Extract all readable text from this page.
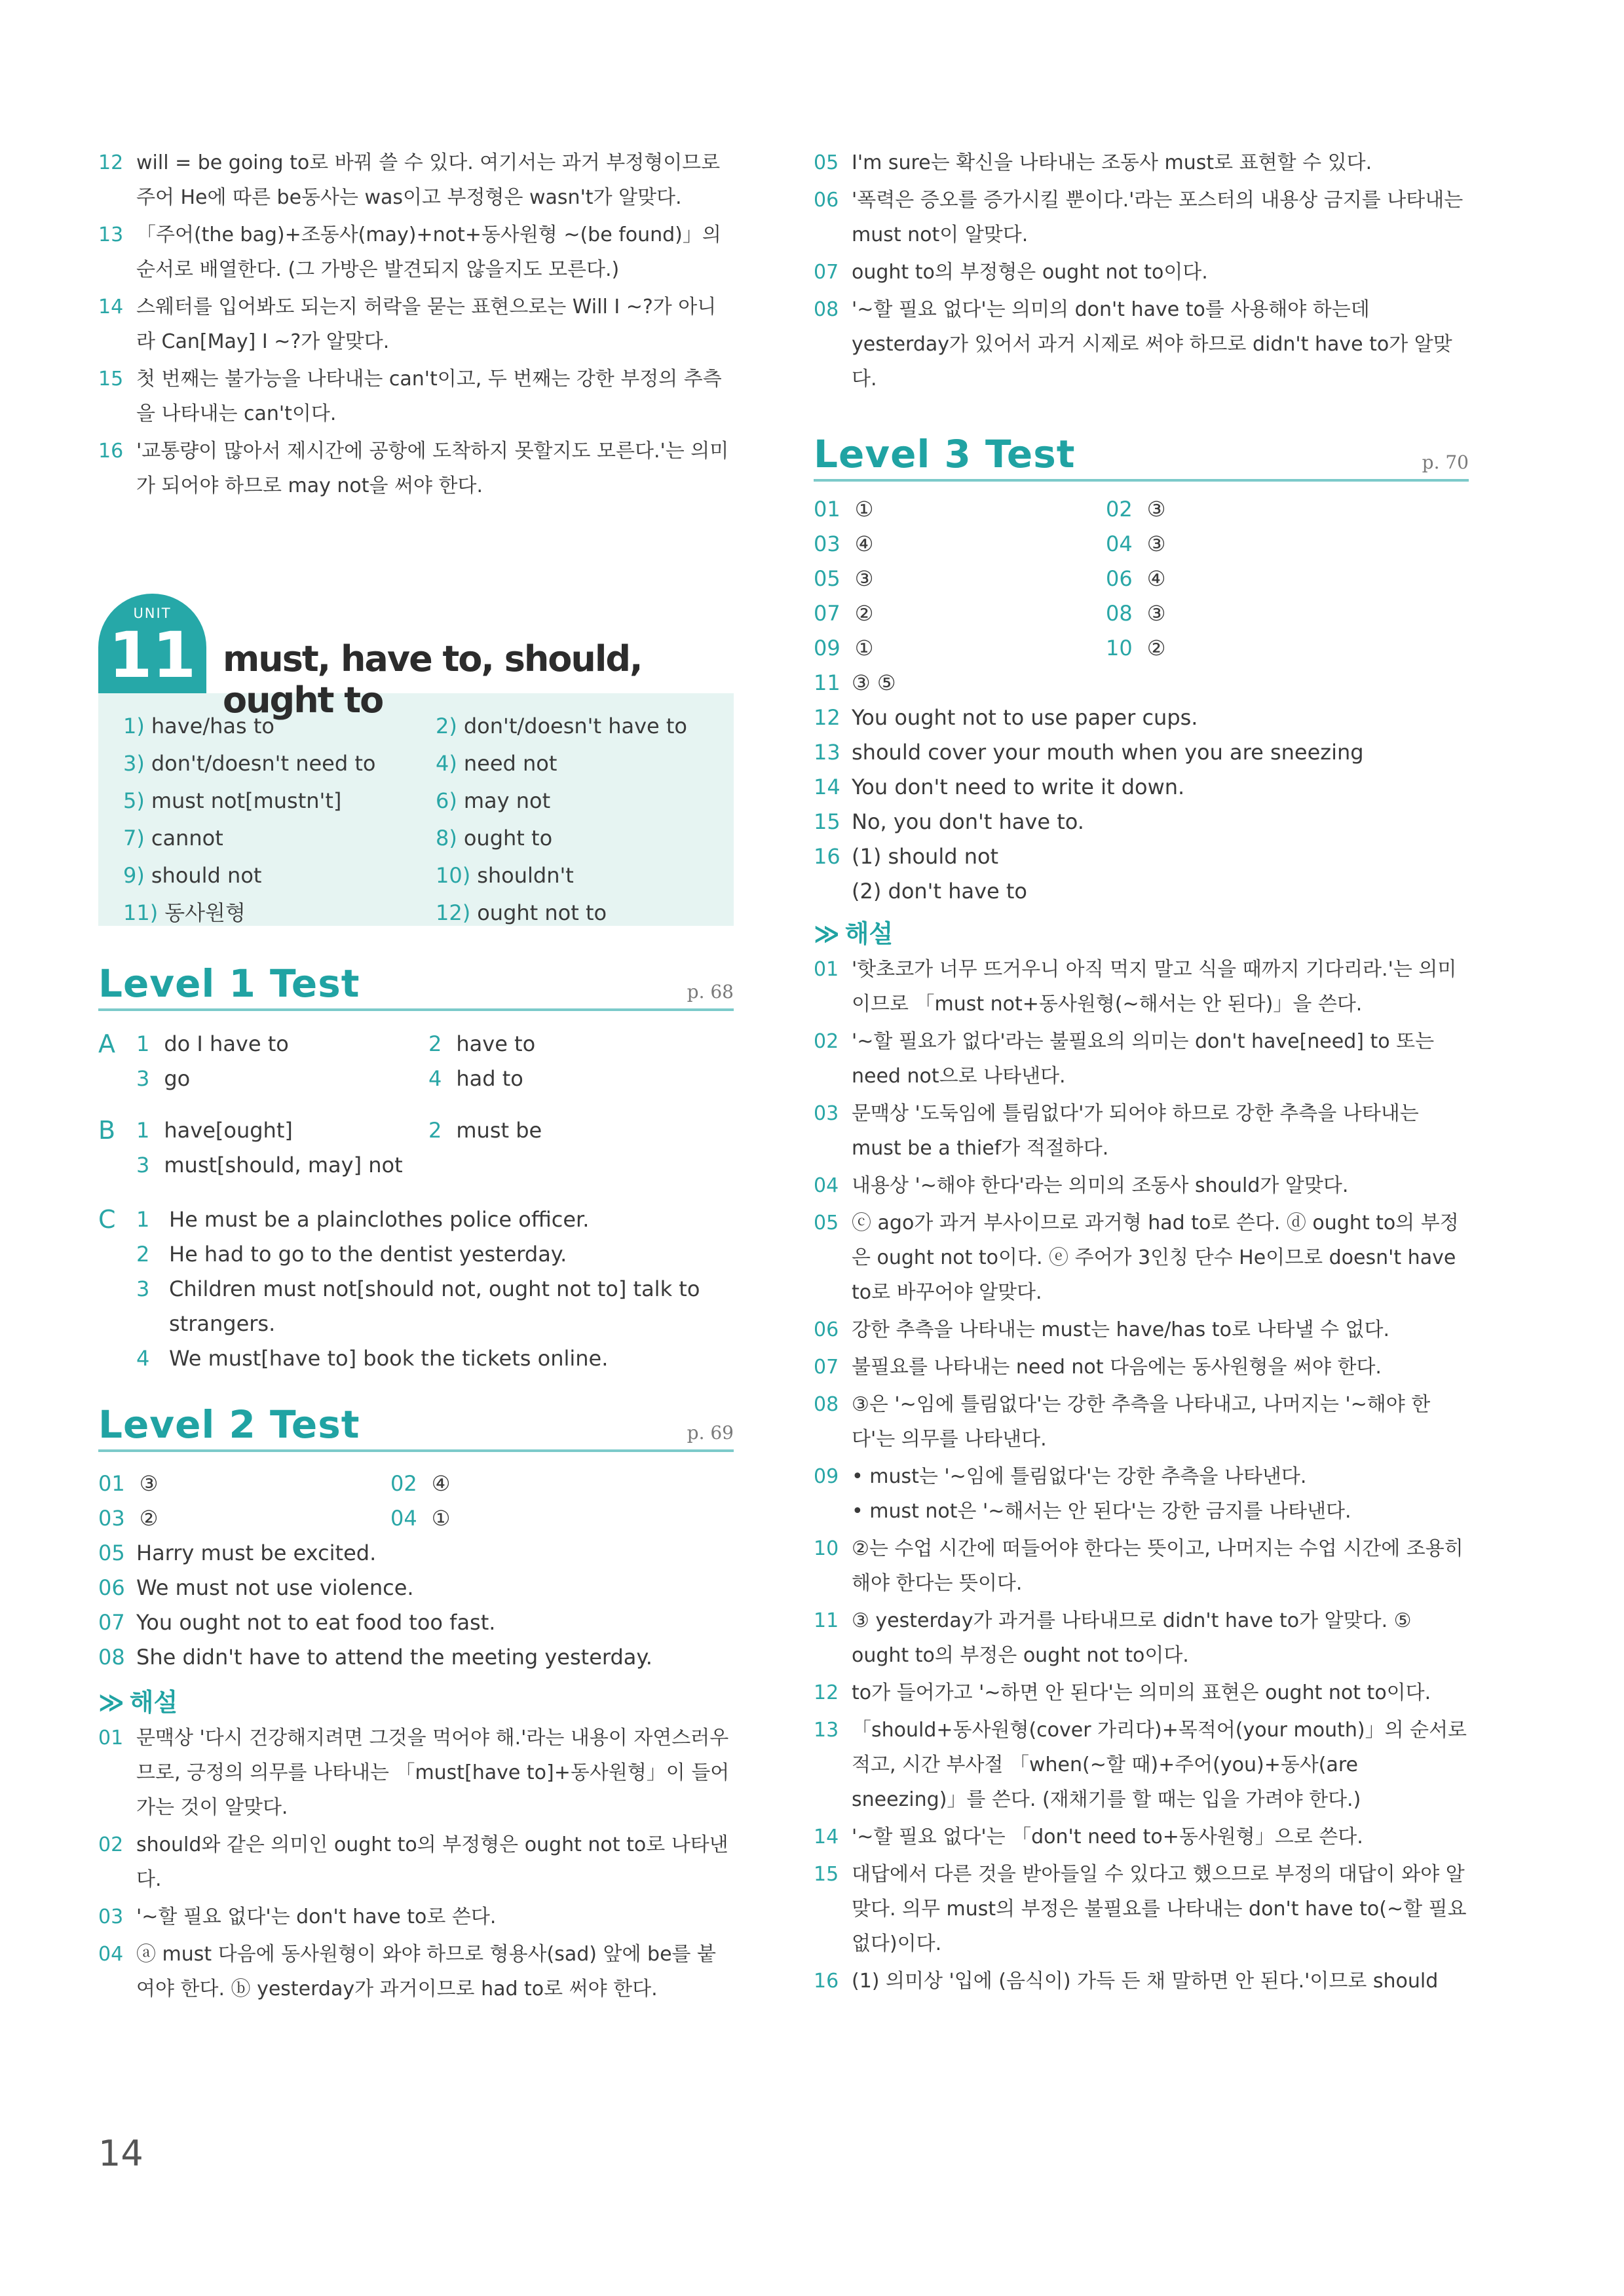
12 will = be going to로 바꿔 쓸 수 있다. 여기서는 과거 부정형이므로 주어 He에 따른 be동사는 was이고 부정형은 wasn't가 알맞다.
13 「주어(the bag)+조동사(may)+not+동사원형 ~(be found)」의 순서로 배열한다. (그 가방은 발견되지 않을지도 모른다.)
14 스웨터를 입어봐도 되는지 허락을 묻는 표현으로는 Will I ~?가 아니라 Can[May] I ~?가 알맞다.
15 첫 번째는 불가능을 나타내는 can't이고, 두 번째는 강한 부정의 추측을 나타내는 can't이다.
16 '교통량이 많아서 제시간에 공항에 도착하지 못할지도 모른다.'는 의미가 되어야 하므로 may not을 써야 한다.
UNIT
11 must, have to, should, ought to
1) have/has to	2) don't/doesn't have to
3) don't/doesn't need to	4) need not
5) must not[mustn't]	6) may not
7) cannot	8) ought to
9) should not	10) shouldn't
11) 동사원형	12) ought not to
Level 1 Test	p. 68
A 1 do I have to	2 have to
3 go	4 had to
B 1 have[ought]	2 must be
3 must[should, may] not
C 1 He must be a plainclothes police officer.
2 He had to go to the dentist yesterday.
3 Children must not[should not, ought not to] talk to strangers.
4 We must[have to] book the tickets online.
Level 2 Test	p. 69
01 ③	02 ④
03 ②	04 ①
05 Harry must be excited.
06 We must not use violence.
07 You ought not to eat food too fast.
08 She didn't have to attend the meeting yesterday.
≫ 해설
01 문맥상 '다시 건강해지려면 그것을 먹어야 해.'라는 내용이 자연스러우므로, 긍정의 의무를 나타내는 「must[have to]+동사원형」이 들어가는 것이 알맞다.
02 should와 같은 의미인 ought to의 부정형은 ought not to로 나타낸다.
03 '~할 필요 없다'는 don't have to로 쓴다.
04 ⓐ must 다음에 동사원형이 와야 하므로 형용사(sad) 앞에 be를 붙여야 한다. ⓑ yesterday가 과거이므로 had to로 써야 한다.
05 I'm sure는 확신을 나타내는 조동사 must로 표현할 수 있다.
06 '폭력은 증오를 증가시킬 뿐이다.'라는 포스터의 내용상 금지를 나타내는 must not이 알맞다.
07 ought to의 부정형은 ought not to이다.
08 '~할 필요 없다'는 의미의 don't have to를 사용해야 하는데 yesterday가 있어서 과거 시제로 써야 하므로 didn't have to가 알맞다.
Level 3 Test	p. 70
01 ①	02 ③
03 ④	04 ③
05 ③	06 ④
07 ②	08 ③
09 ①	10 ②
11 ③ ⑤
12 You ought not to use paper cups.
13 should cover your mouth when you are sneezing
14 You don't need to write it down.
15 No, you don't have to.
16 (1) should not
(2) don't have to
≫ 해설
01 '핫초코가 너무 뜨거우니 아직 먹지 말고 식을 때까지 기다리라.'는 의미이므로 「must not+동사원형(~해서는 안 된다)」을 쓴다.
02 '~할 필요가 없다'라는 불필요의 의미는 don't have[need] to 또는 need not으로 나타낸다.
03 문맥상 '도둑임에 틀림없다'가 되어야 하므로 강한 추측을 나타내는 must be a thief가 적절하다.
04 내용상 '~해야 한다'라는 의미의 조동사 should가 알맞다.
05 ⓒ ago가 과거 부사이므로 과거형 had to로 쓴다. ⓓ ought to의 부정은 ought not to이다. ⓔ 주어가 3인칭 단수 He이므로 doesn't have to로 바꾸어야 알맞다.
06 강한 추측을 나타내는 must는 have/has to로 나타낼 수 없다.
07 불필요를 나타내는 need not 다음에는 동사원형을 써야 한다.
08 ③은 '~임에 틀림없다'는 강한 추측을 나타내고, 나머지는 '~해야 한다'는 의무를 나타낸다.
09 • must는 '~임에 틀림없다'는 강한 추측을 나타낸다.
• must not은 '~해서는 안 된다'는 강한 금지를 나타낸다.
10 ②는 수업 시간에 떠들어야 한다는 뜻이고, 나머지는 수업 시간에 조용히 해야 한다는 뜻이다.
11 ③ yesterday가 과거를 나타내므로 didn't have to가 알맞다. ⑤ ought to의 부정은 ought not to이다.
12 to가 들어가고 '~하면 안 된다'는 의미의 표현은 ought not to이다.
13 「should+동사원형(cover 가리다)+목적어(your mouth)」의 순서로 적고, 시간 부사절 「when(~할 때)+주어(you)+동사(are sneezing)」를 쓴다. (재채기를 할 때는 입을 가려야 한다.)
14 '~할 필요 없다'는 「don't need to+동사원형」으로 쓴다.
15 대답에서 다른 것을 받아들일 수 있다고 했으므로 부정의 대답이 와야 알맞다. 의무 must의 부정은 불필요를 나타내는 don't have to(~할 필요 없다)이다.
16 (1) 의미상 '입에 (음식이) 가득 든 채 말하면 안 된다.'이므로 should
14
